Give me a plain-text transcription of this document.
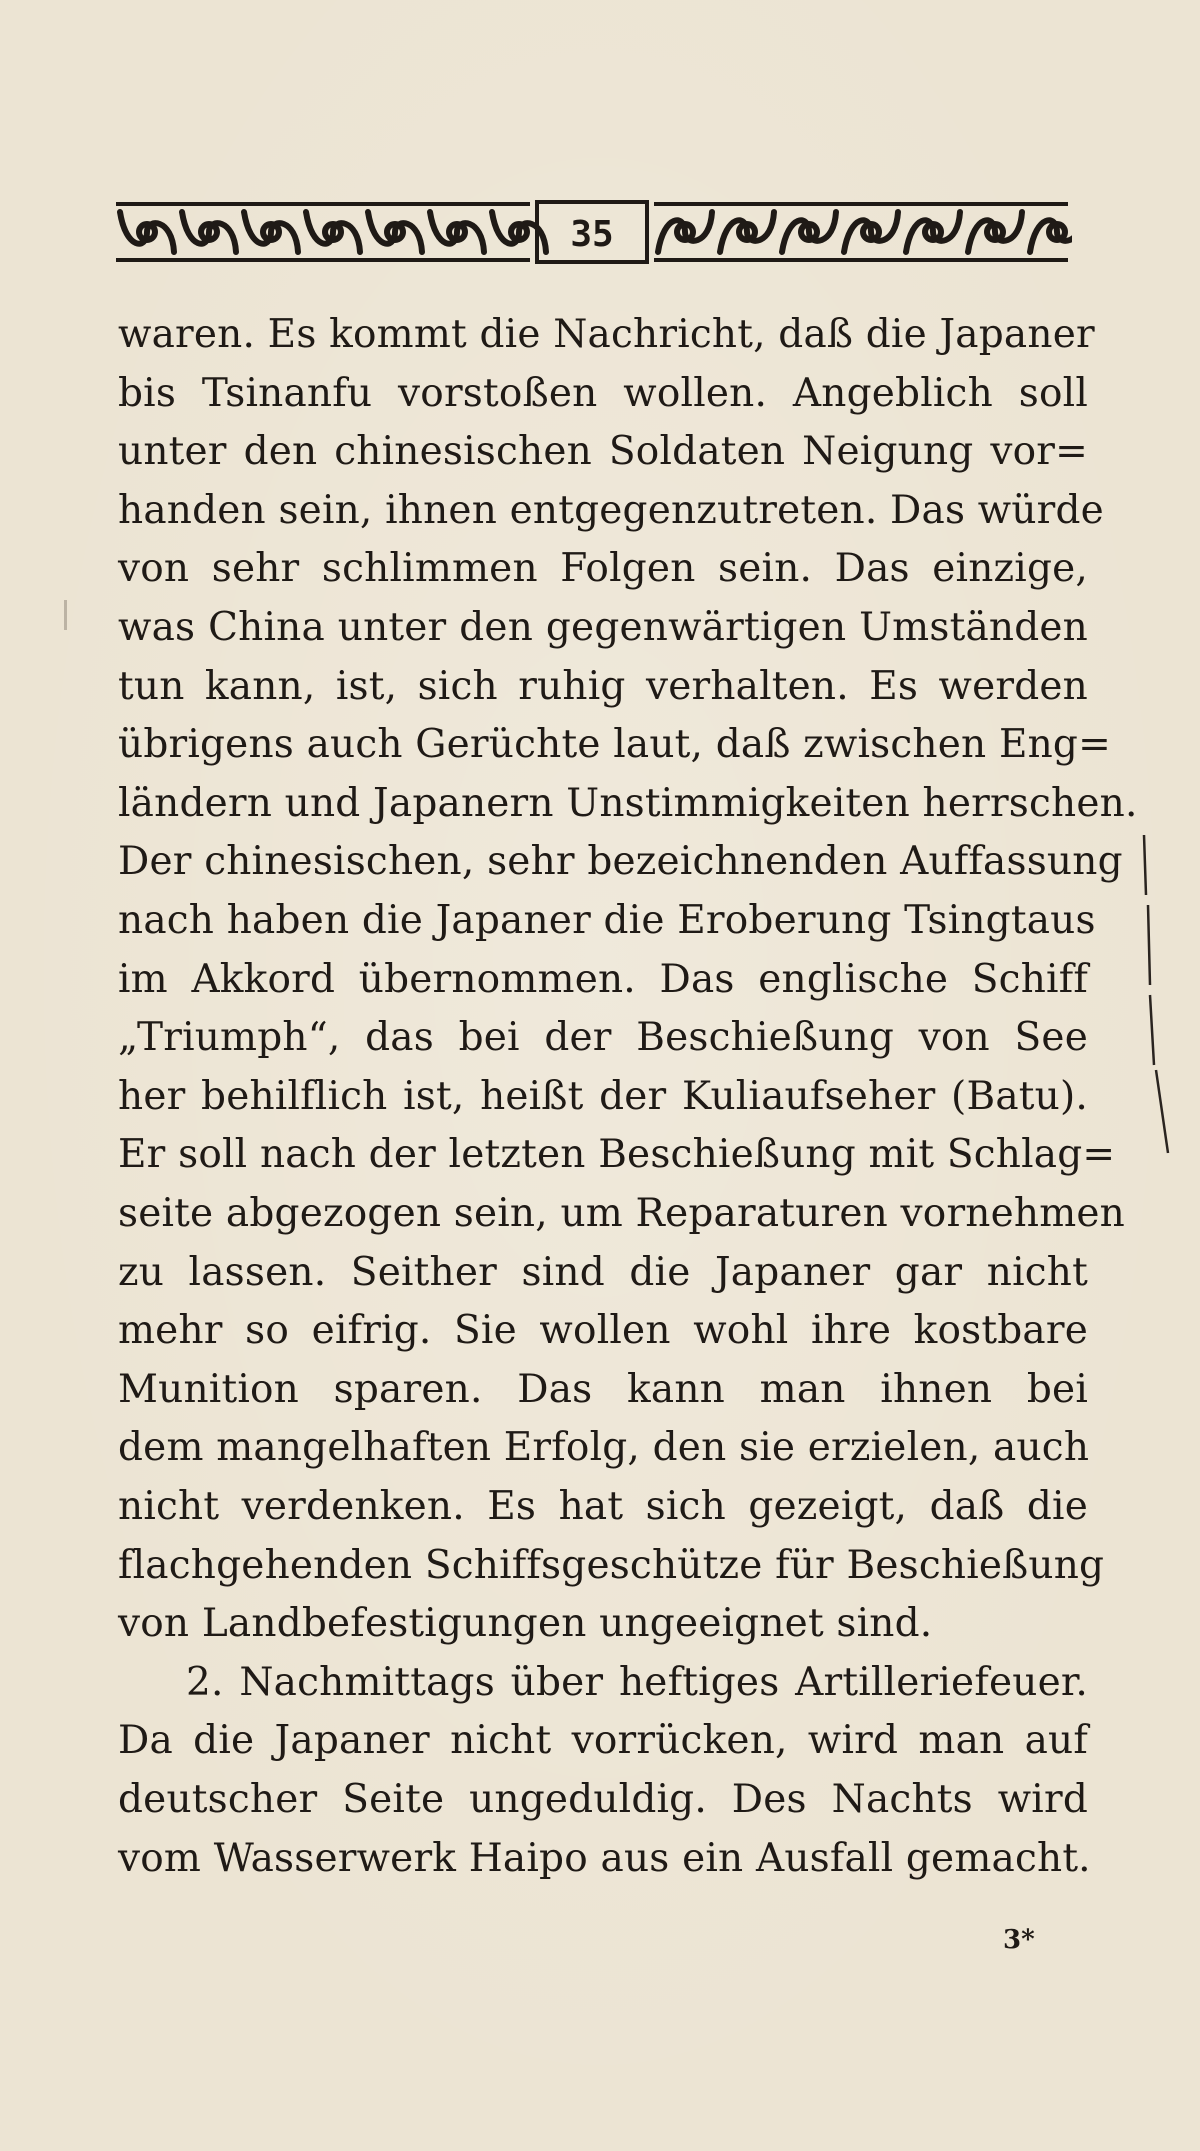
35
waren. Es kommt die Nachricht, daß die Japaner
bis Tsinanfu vorstoßen wollen. Angeblich soll
unter den chinesischen Soldaten Neigung vor=
handen sein, ihnen entgegenzutreten. Das würde
von sehr schlimmen Folgen sein. Das einzige,
was China unter den gegenwärtigen Umständen
tun kann, ist, sich ruhig verhalten. Es werden
übrigens auch Gerüchte laut, daß zwischen Eng=
ländern und Japanern Unstimmigkeiten herrschen.
Der chinesischen, sehr bezeichnenden Auffassung
nach haben die Japaner die Eroberung Tsingtaus
im Akkord übernommen. Das englische Schiff
„Triumph“, das bei der Beschießung von See
her behilflich ist, heißt der Kuliaufseher (Batu).
Er soll nach der letzten Beschießung mit Schlag=
seite abgezogen sein, um Reparaturen vornehmen
zu lassen. Seither sind die Japaner gar nicht
mehr so eifrig. Sie wollen wohl ihre kostbare
Munition sparen. Das kann man ihnen bei
dem mangelhaften Erfolg, den sie erzielen, auch
nicht verdenken. Es hat sich gezeigt, daß die
flachgehenden Schiffsgeschütze für Beschießung
von Landbefestigungen ungeeignet sind.
2. Nachmittags über heftiges Artilleriefeuer.
Da die Japaner nicht vorrücken, wird man auf
deutscher Seite ungeduldig. Des Nachts wird
vom Wasserwerk Haipo aus ein Ausfall gemacht.
3*
